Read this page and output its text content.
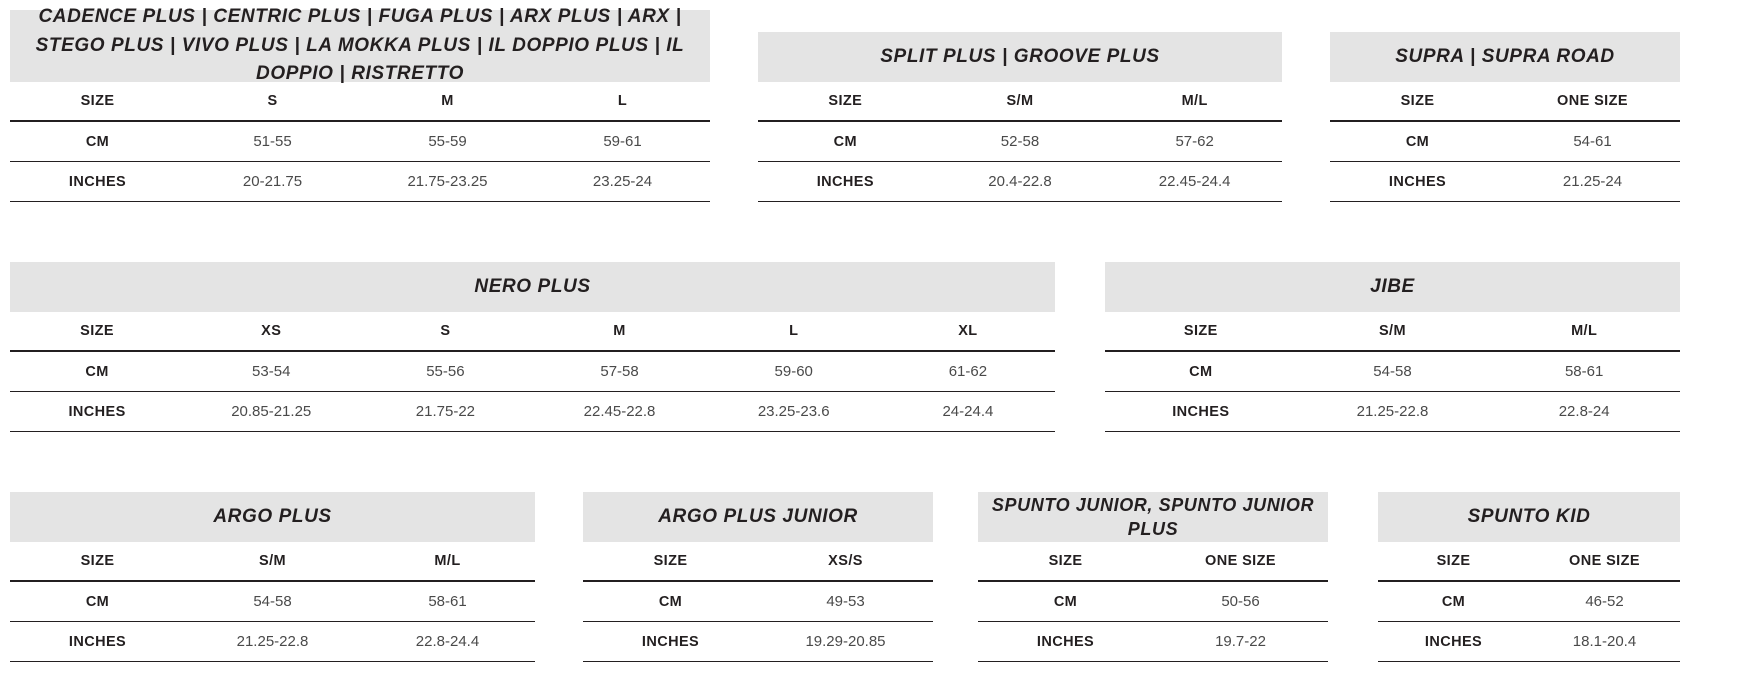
CADENCE PLUS | CENTRIC PLUS | FUGA PLUS | ARX PLUS | ARX | STEGO PLUS | VIVO PLUS | LA MOKKA PLUS | IL DOPPIO PLUS | IL DOPPIO | RISTRETTO
SIZE	S	M	L
CM	51-55	55-59	59-61
INCHES	20-21.75	21.75-23.25	23.25-24
SPLIT PLUS | GROOVE PLUS
SIZE	S/M	M/L
CM	52-58	57-62
INCHES	20.4-22.8	22.45-24.4
SUPRA | SUPRA ROAD
SIZE	ONE SIZE
CM	54-61
INCHES	21.25-24
NERO PLUS
SIZE	XS	S	M	L	XL
CM	53-54	55-56	57-58	59-60	61-62
INCHES	20.85-21.25	21.75-22	22.45-22.8	23.25-23.6	24-24.4
JIBE
SIZE	S/M	M/L
CM	54-58	58-61
INCHES	21.25-22.8	22.8-24
ARGO PLUS
SIZE	S/M	M/L
CM	54-58	58-61
INCHES	21.25-22.8	22.8-24.4
ARGO PLUS JUNIOR
SIZE	XS/S
CM	49-53
INCHES	19.29-20.85
SPUNTO JUNIOR, SPUNTO JUNIOR PLUS
SIZE	ONE SIZE
CM	50-56
INCHES	19.7-22
SPUNTO KID
SIZE	ONE SIZE
CM	46-52
INCHES	18.1-20.4
